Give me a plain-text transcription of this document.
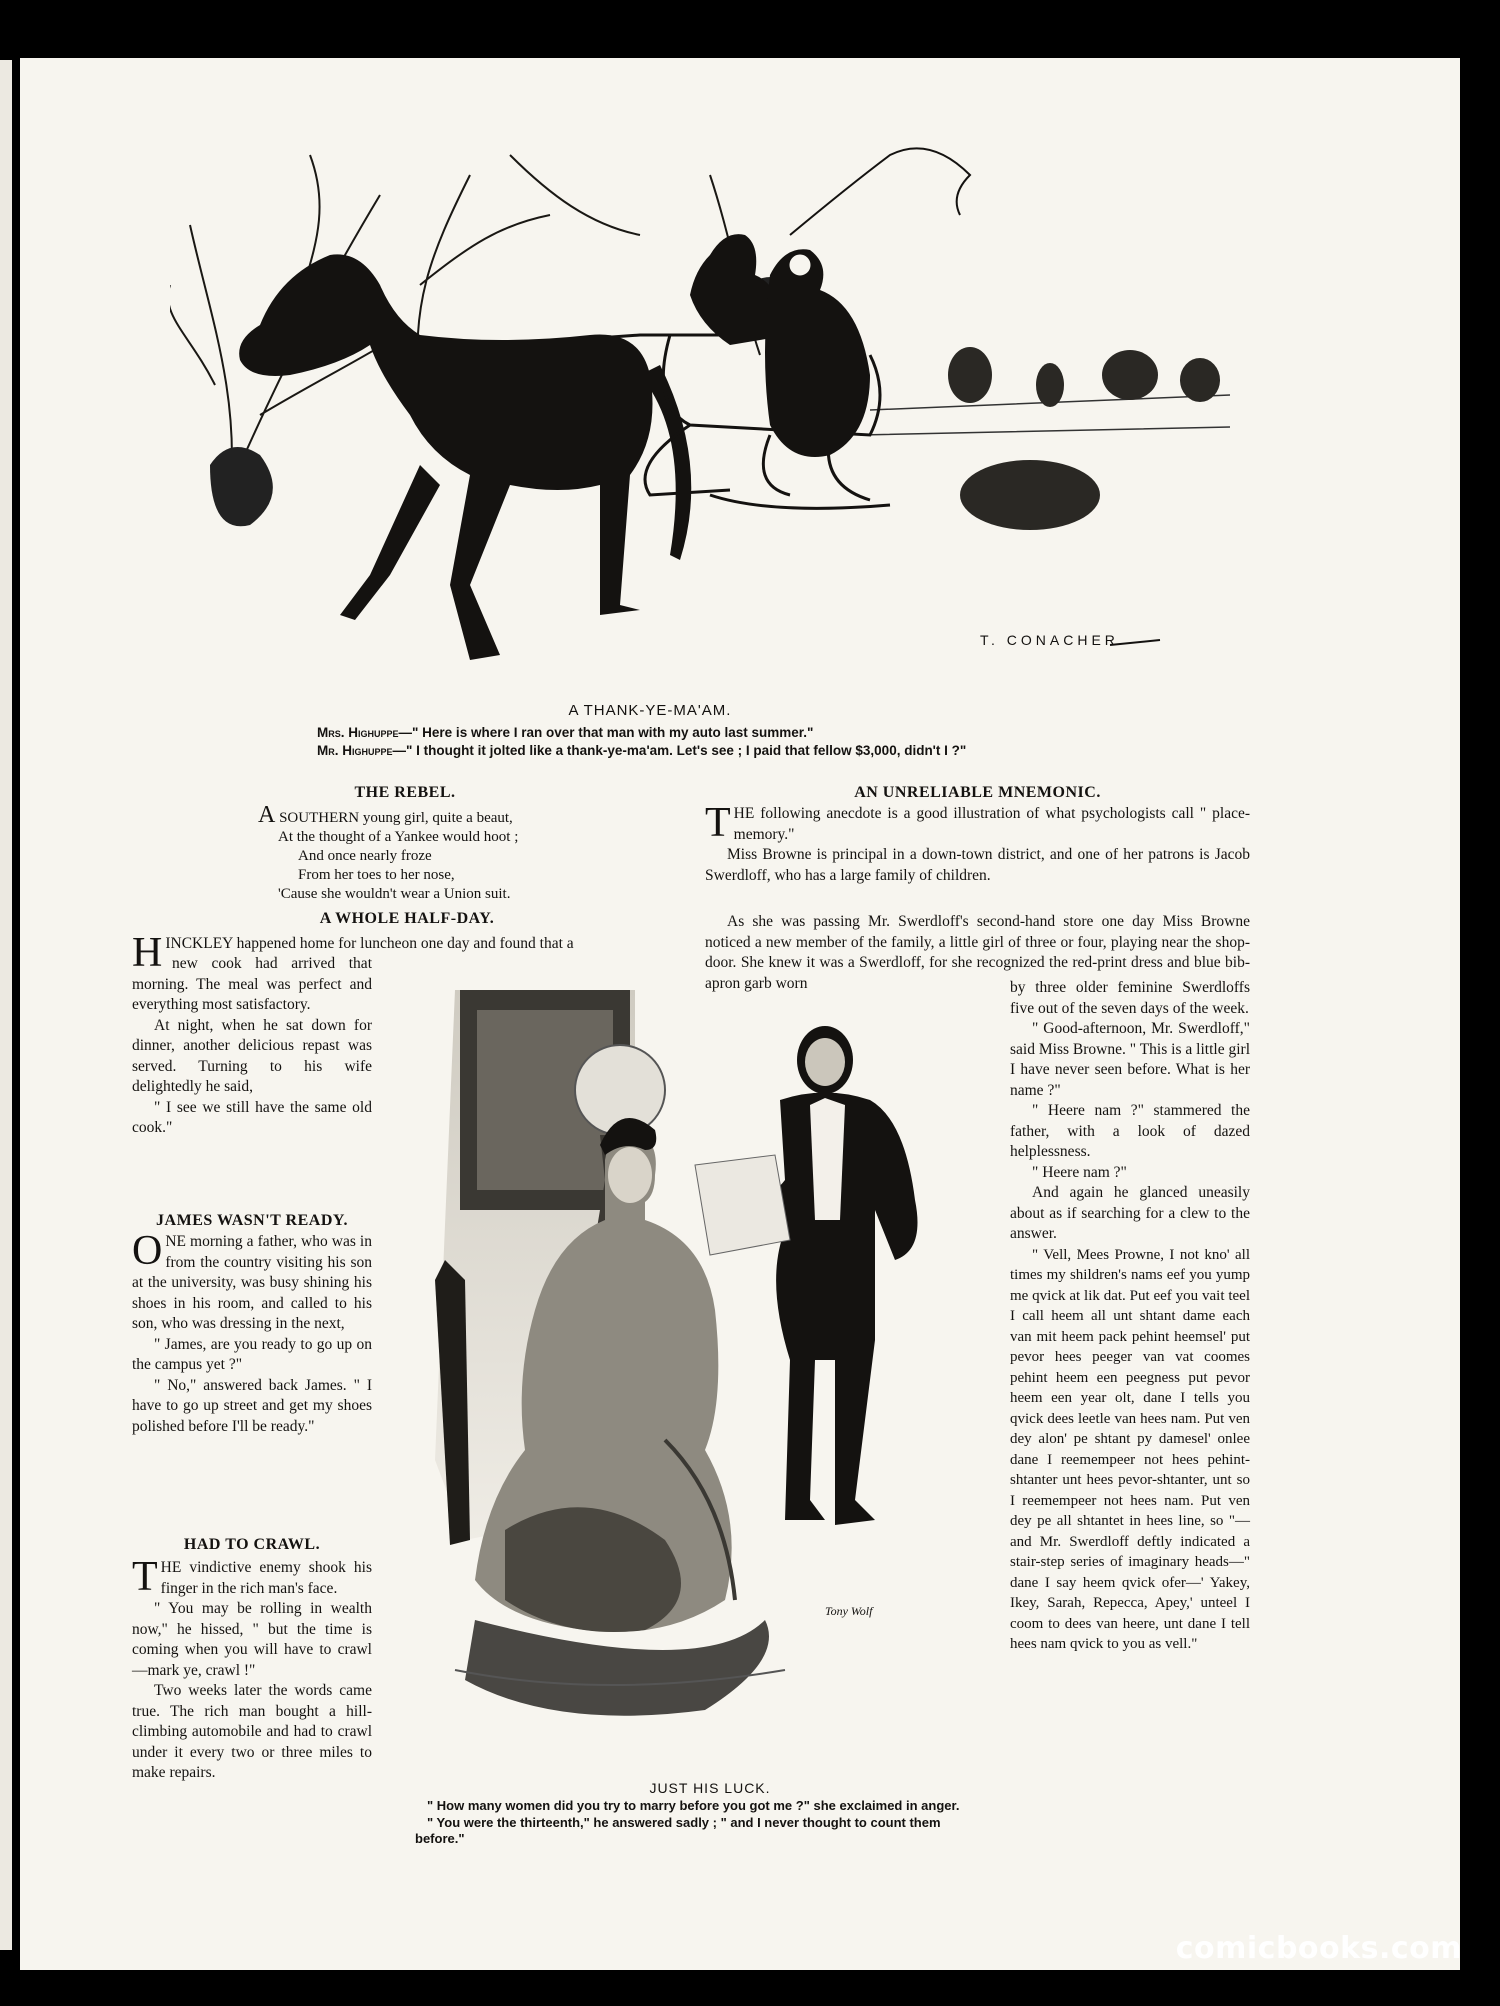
T. CONACHER
A THANK-YE-MA'AM.
Mrs. Highuppe—" Here is where I ran over that man with my auto last summer."
Mr. Highuppe—" I thought it jolted like a thank-ye-ma'am. Let's see ; I paid that fellow $3,000, didn't I ?"
THE REBEL.
A SOUTHERN young girl, quite a beaut,
At the thought of a Yankee would hoot ;
And once nearly froze
From her toes to her nose,
'Cause she wouldn't wear a Union suit.
A WHOLE HALF-DAY.

HINCKLEY happened home for luncheon one day and found that a

new cook had arrived that morning. The meal was perfect and everything most satisfactory.

At night, when he sat down for dinner, another delicious repast was served. Turning to his wife delightedly he said,

" I see we still have the same old cook."

JAMES WASN'T READY.

ONE morning a father, who was in from the country visiting his son at the university, was busy shining his shoes in his room, and called to his son, who was dressing in the next,

" James, are you ready to go up on the campus yet ?"

" No," answered back James. " I have to go up street and get my shoes polished before I'll be ready."

HAD TO CRAWL.

THE vindictive enemy shook his finger in the rich man's face.

" You may be rolling in wealth now," he hissed, " but the time is coming when you will have to crawl—mark ye, crawl !"

Two weeks later the words came true. The rich man bought a hill-climbing automobile and had to crawl under it every two or three miles to make repairs.

AN UNRELIABLE MNEMONIC.

THE following anecdote is a good illustration of what psychologists call " place-memory."

Miss Browne is principal in a down-town district, and one of her patrons is Jacob Swerdloff, who has a large family of children.

As she was passing Mr. Swerdloff's second-hand store one day Miss Browne noticed a new member of the family, a little girl of three or four, playing near the shop-door. She knew it was a Swerdloff, for she recognized the red-print dress and blue bib-apron garb worn	by three older feminine Swerdloffs five out of the seven days of the week.

" Good-afternoon, Mr. Swerdloff," said Miss Browne. " This is a little girl I have never seen before. What is her name ?"

" Heere nam ?" stammered the father, with a look of dazed helplessness.

" Heere nam ?"

And again he glanced uneasily about as if searching for a clew to the answer.

" Vell, Mees Prowne, I not kno' all times my shildren's nams eef you yump me qvick at lik dat. Put eef you vait teel I call heem all unt shtant dame each van mit heem pack pehint heemsel' put pevor hees peeger van vat coomes pehint heem een peegness put pevor heem een year olt, dane I tells you qvick dees leetle van hees nam. Put ven dey alon' pe shtant py damesel' onlee dane I reemempeer not hees pehint-shtanter unt hees pevor-shtanter, unt so I reemempeer not hees nam. Put ven dey pe all shtantet in hees line, so "—and Mr. Swerdloff deftly indicated a stair-step series of imaginary heads—" dane I say heem qvick ofer—' Yakey, Ikey, Sarah, Repecca, Apey,' unteel I coom to dees van heere, unt dane I tell hees nam qvick to you as vell."

Tony Wolf
JUST HIS LUCK.
" How many women did you try to marry before you got me ?" she exclaimed in anger.
" You were the thirteenth," he answered sadly ; " and I never thought to count them before."
comicbooks.com
